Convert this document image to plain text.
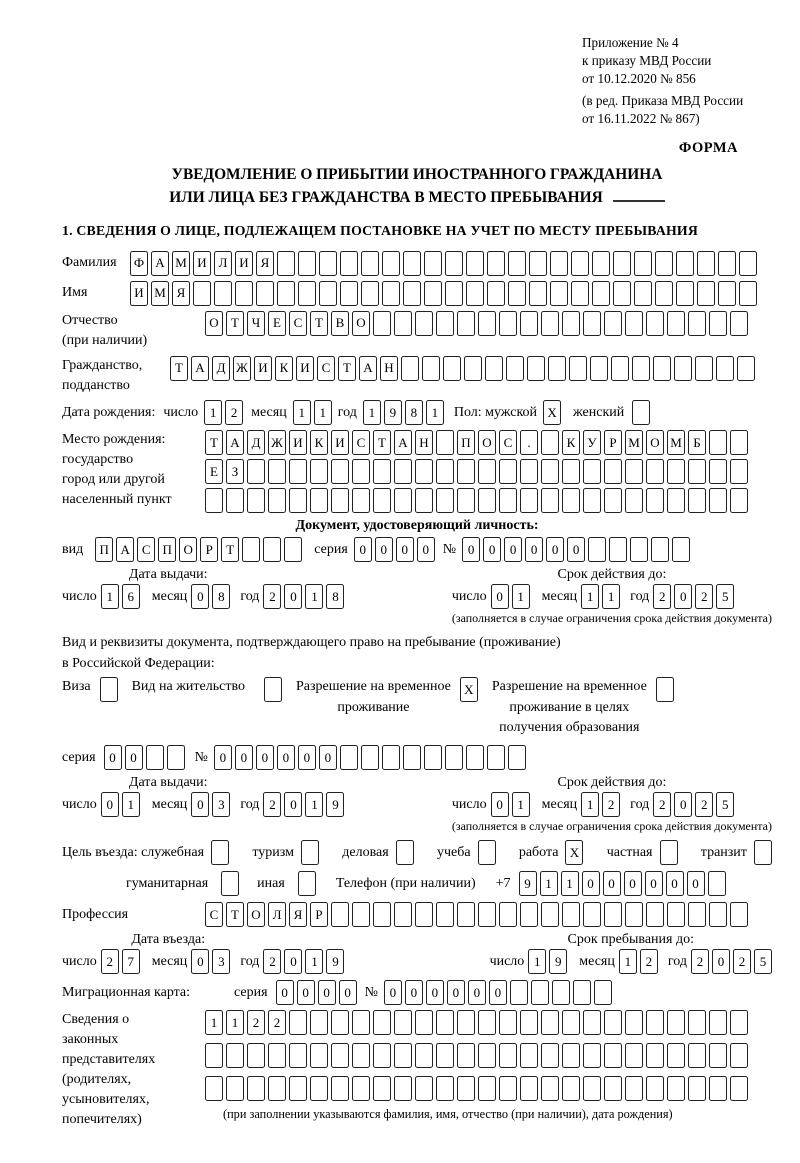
Приложение № 4
к приказу МВД России
от 10.12.2020 № 856
(в ред. Приказа МВД России
от 16.11.2022 № 867)
ФОРМА
УВЕДОМЛЕНИЕ О ПРИБЫТИИ ИНОСТРАННОГО ГРАЖДАНИНА
ИЛИ ЛИЦА БЕЗ ГРАЖДАНСТВА В МЕСТО ПРЕБЫВАНИЯ
1. СВЕДЕНИЯ О ЛИЦЕ, ПОДЛЕЖАЩЕМ ПОСТАНОВКЕ НА УЧЕТ ПО МЕСТУ ПРЕБЫВАНИЯ
Фамилия	Ф А М И Л И Я
Имя	И М Я
Отчество
(при наличии)
О Т Ч Е С Т В О
Гражданство,
подданство
Т А Д Ж И К И С Т А Н
Дата рождения: число 1	2 месяц 1	1 год 1	9	8	1	Пол: мужской X	женский
Место рождения:
государство
город или другой
населенный пункт
Т А Д Ж И К И С Т А Н	П О С	.	К У Р М О М Б
Е	З
Документ, удостоверяющий личность:
вид	П А С П О Р	Т	серия 0	0	0	0 № 0	0	0	0	0	0
Дата выдачи:
число 1	6	месяц 0	8	год 2	0	1	8
Срок действия до:
число 0	1	месяц 1	1	год 2	0	2	5
(заполняется в случае ограничения срока действия документа)
Вид и реквизиты документа, подтверждающего право на пребывание (проживание)
в Российской Федерации:
Виза	Вид на жительство	Разрешение на временное
проживание
X	Разрешение на временное
проживание в целях
получения образования
серия	0	0	№ 0	0	0	0	0	0
Дата выдачи:
число 0	1	месяц 0	3	год 2	0	1	9
Срок действия до:
число 0	1	месяц 1	2	год 2	0	2	5
(заполняется в случае ограничения срока действия документа)
Цель въезда: служебная	туризм	деловая	учеба	работа X	частная	транзит
гуманитарная	иная	Телефон (при наличии) +7	9	1	1	0	0	0	0	0	0
Профессия	С Т О Л Я	Р
Дата въезда:
число 2	7	месяц 0	3	год 2	0	1	9
Срок пребывания до:
число 1	9	месяц 1	2	год 2	0	2	5
Миграционная карта:	серия	0	0	0	0 № 0	0	0	0	0	0
Сведения о
законных
представителях
(родителях,
усыновителях,
попечителях)
1	1	2	2
(при заполнении указываются фамилия, имя, отчество (при наличии), дата рождения)
